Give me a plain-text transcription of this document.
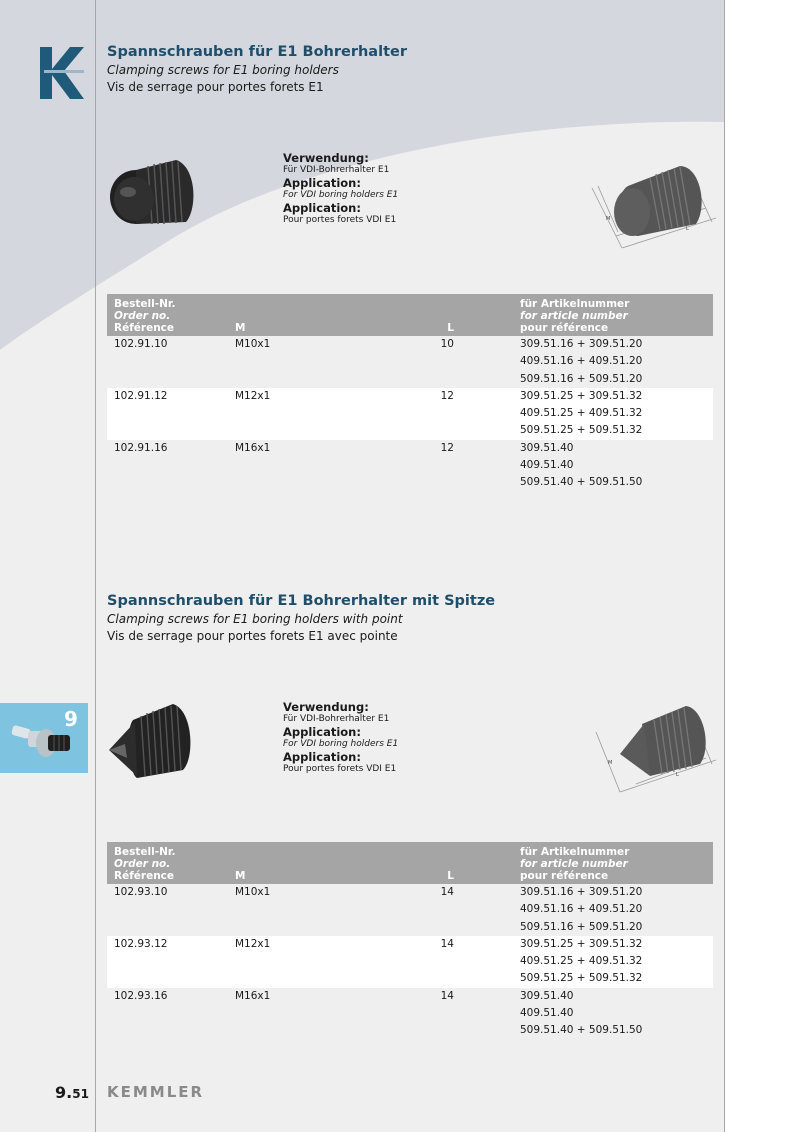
Spannschrauben für E1 Bohrerhalter
Clamping screws for E1 boring holders
Vis de serrage pour portes forets E1
Verwendung:
Für VDI-Bohrerhalter E1
Application:
For VDI boring holders E1
Application:
Pour portes forets VDI E1	M
L
Bestell-Nr.
Order no.
Référence	M	L	für Artikelnummer
for article number
pour référence

102.91.10	M10x1	10	309.51.16 + 309.51.20
			409.51.16 + 409.51.20
			509.51.16 + 509.51.20
102.91.12	M12x1	12	309.51.25 + 309.51.32
			409.51.25 + 409.51.32
			509.51.25 + 509.51.32
102.91.16	M16x1	12	309.51.40
			409.51.40
			509.51.40 + 509.51.50
Spannschrauben für E1 Bohrerhalter mit Spitze
Clamping screws for E1 boring holders with point
Vis de serrage pour portes forets E1 avec pointe
9	Verwendung:
Für VDI-Bohrerhalter E1
Application:
For VDI boring holders E1
Application:
Pour portes forets VDI E1
M
L
Bestell-Nr.
Order no.
Référence	M	L	für Artikelnummer
for article number
pour référence

102.93.10	M10x1	14	309.51.16 + 309.51.20
			409.51.16 + 409.51.20
			509.51.16 + 509.51.20
102.93.12	M12x1	14	309.51.25 + 309.51.32
			409.51.25 + 409.51.32
			509.51.25 + 509.51.32
102.93.16	M16x1	14	309.51.40
			409.51.40
			509.51.40 + 509.51.50
9.51 KEMMLER
